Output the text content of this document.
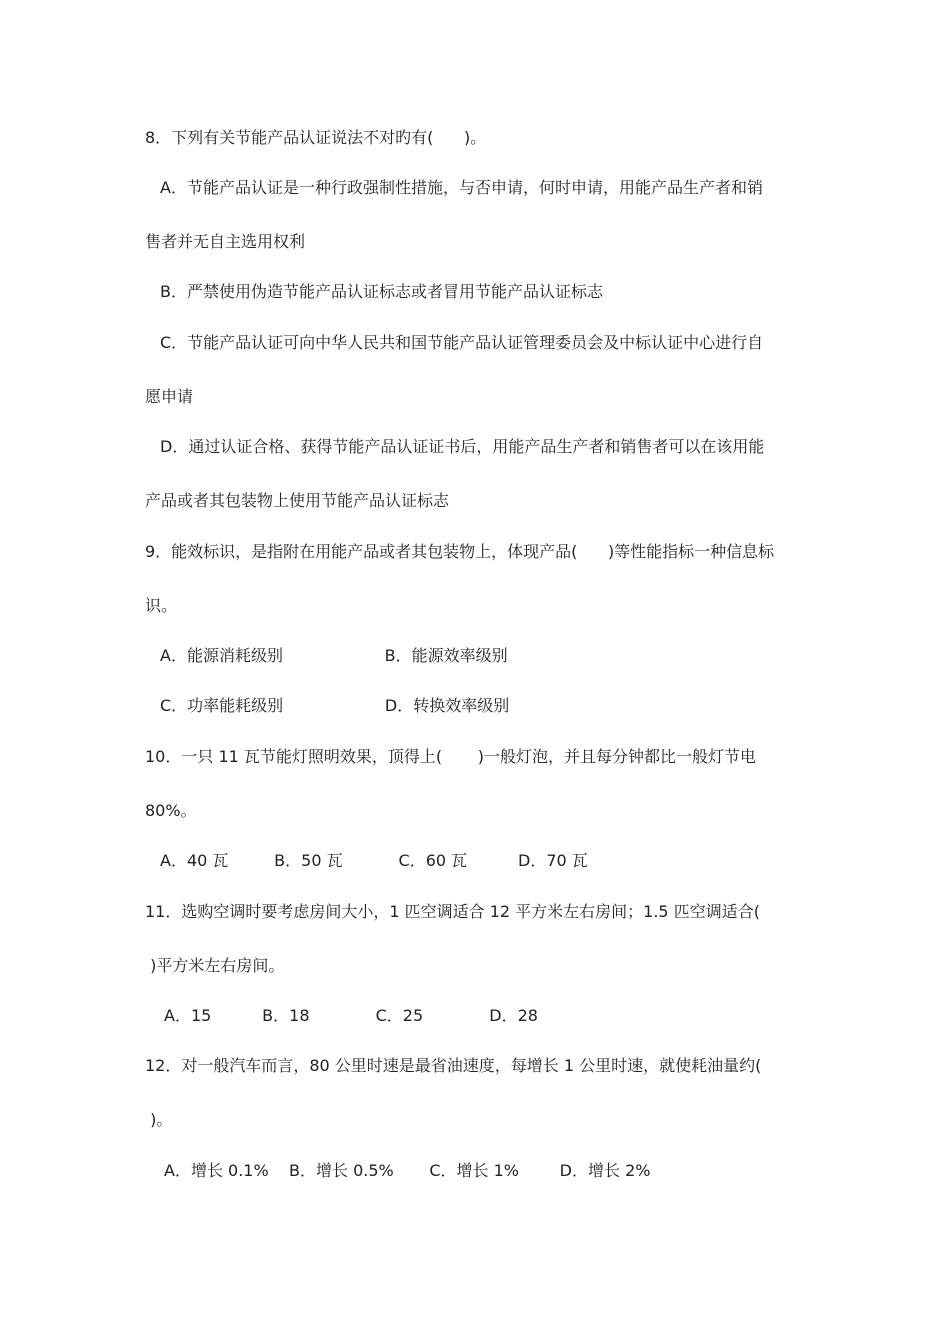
8．下列有关节能产品认证说法不对旳有(      )。
A．节能产品认证是一种行政强制性措施，与否申请，何时申请，用能产品生产者和销
售者并无自主选用权利
B．严禁使用伪造节能产品认证标志或者冒用节能产品认证标志
C．节能产品认证可向中华人民共和国节能产品认证管理委员会及中标认证中心进行自
愿申请
D．通过认证合格、获得节能产品认证证书后，用能产品生产者和销售者可以在该用能
产品或者其包装物上使用节能产品认证标志
9．能效标识，是指附在用能产品或者其包装物上，体现产品(      )等性能指标一种信息标
识。
A．能源消耗级别                    B．能源效率级别
C．功率能耗级别                    D．转换效率级别
10．一只 11 瓦节能灯照明效果，顶得上(       )一般灯泡，并且每分钟都比一般灯节电
80%。
A．40 瓦         B．50 瓦           C．60 瓦          D．70 瓦
11．选购空调时要考虑房间大小，1 匹空调适合 12 平方米左右房间；1.5 匹空调适合(
)平方米左右房间。
A．15          B．18             C．25             D．28
12．对一般汽车而言，80 公里时速是最省油速度，每增长 1 公里时速，就使耗油量约(
)。
A．增长 0.1%    B．增长 0.5%       C．增长 1%        D．增长 2%
